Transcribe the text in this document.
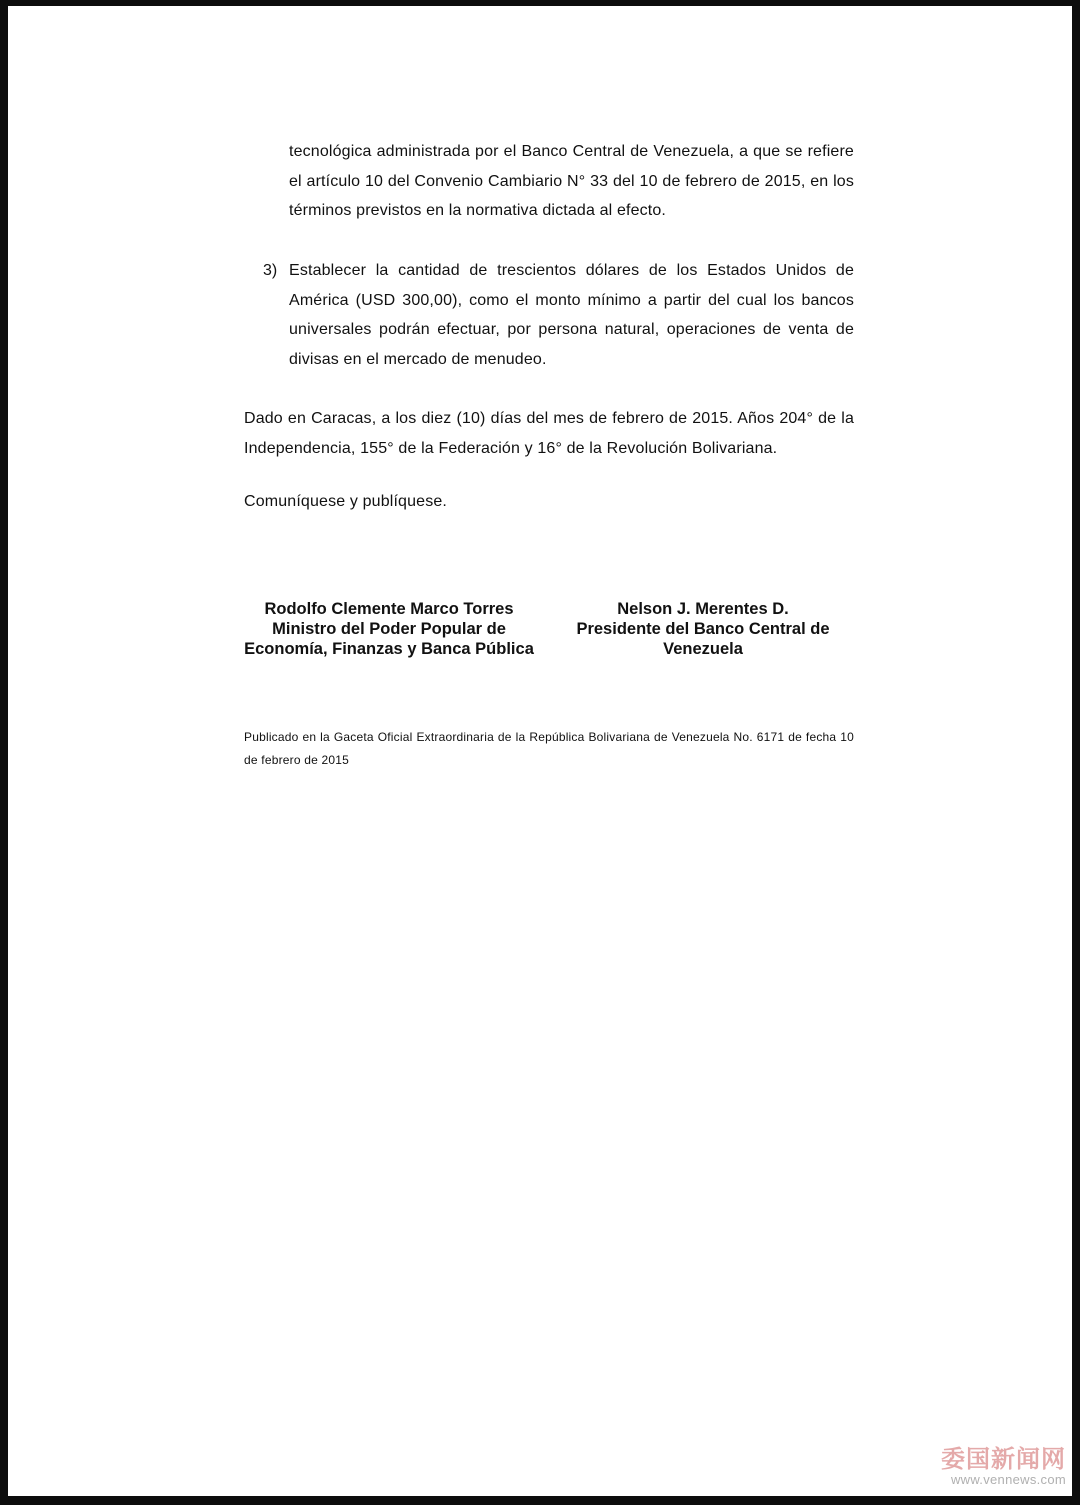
tecnológica administrada por el Banco Central de Venezuela, a que se refiere el artículo 10 del Convenio Cambiario N° 33 del 10 de febrero de 2015, en los términos previstos en la normativa dictada al efecto.

3) Establecer la cantidad de trescientos dólares de los Estados Unidos de América (USD 300,00), como el monto mínimo a partir del cual los bancos universales podrán efectuar, por persona natural, operaciones de venta de divisas en el mercado de menudeo.

Dado en Caracas, a los diez (10) días del mes de febrero de 2015. Años 204° de la Independencia, 155° de la Federación y 16° de la Revolución Bolivariana.

Comuníquese y publíquese.

Rodolfo Clemente Marco Torres
Ministro del Poder Popular de
Economía, Finanzas y Banca Pública
Nelson J. Merentes D.
Presidente del Banco Central de
Venezuela

Publicado en la Gaceta Oficial Extraordinaria de la República Bolivariana de Venezuela No. 6171 de fecha 10 de febrero de 2015

委国新闻网
www.vennews.com
